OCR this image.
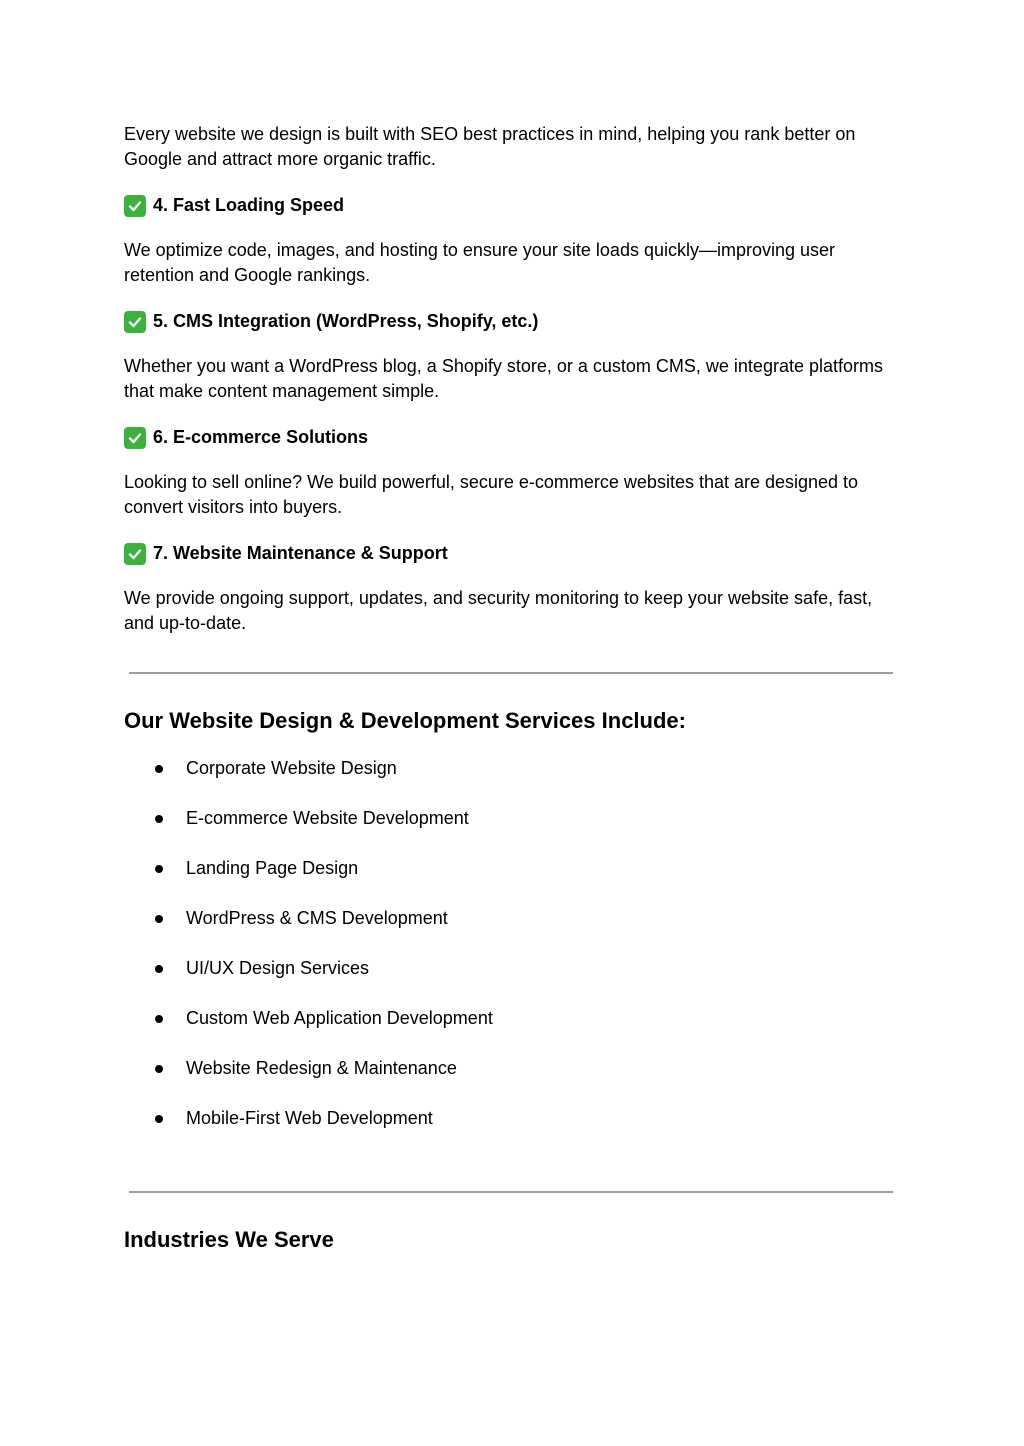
Every website we design is built with SEO best practices in mind, helping you rank better on Google and attract more organic traffic.

4. Fast Loading Speed

We optimize code, images, and hosting to ensure your site loads quickly—improving user retention and Google rankings.

5. CMS Integration (WordPress, Shopify, etc.)

Whether you want a WordPress blog, a Shopify store, or a custom CMS, we integrate platforms that make content management simple.

6. E-commerce Solutions

Looking to sell online? We build powerful, secure e-commerce websites that are designed to convert visitors into buyers.

7. Website Maintenance & Support

We provide ongoing support, updates, and security monitoring to keep your website safe, fast, and up-to-date.

Our Website Design & Development Services Include:
Corporate Website Design
E-commerce Website Development
Landing Page Design
WordPress & CMS Development
UI/UX Design Services
Custom Web Application Development
Website Redesign & Maintenance
Mobile-First Web Development
Industries We Serve
